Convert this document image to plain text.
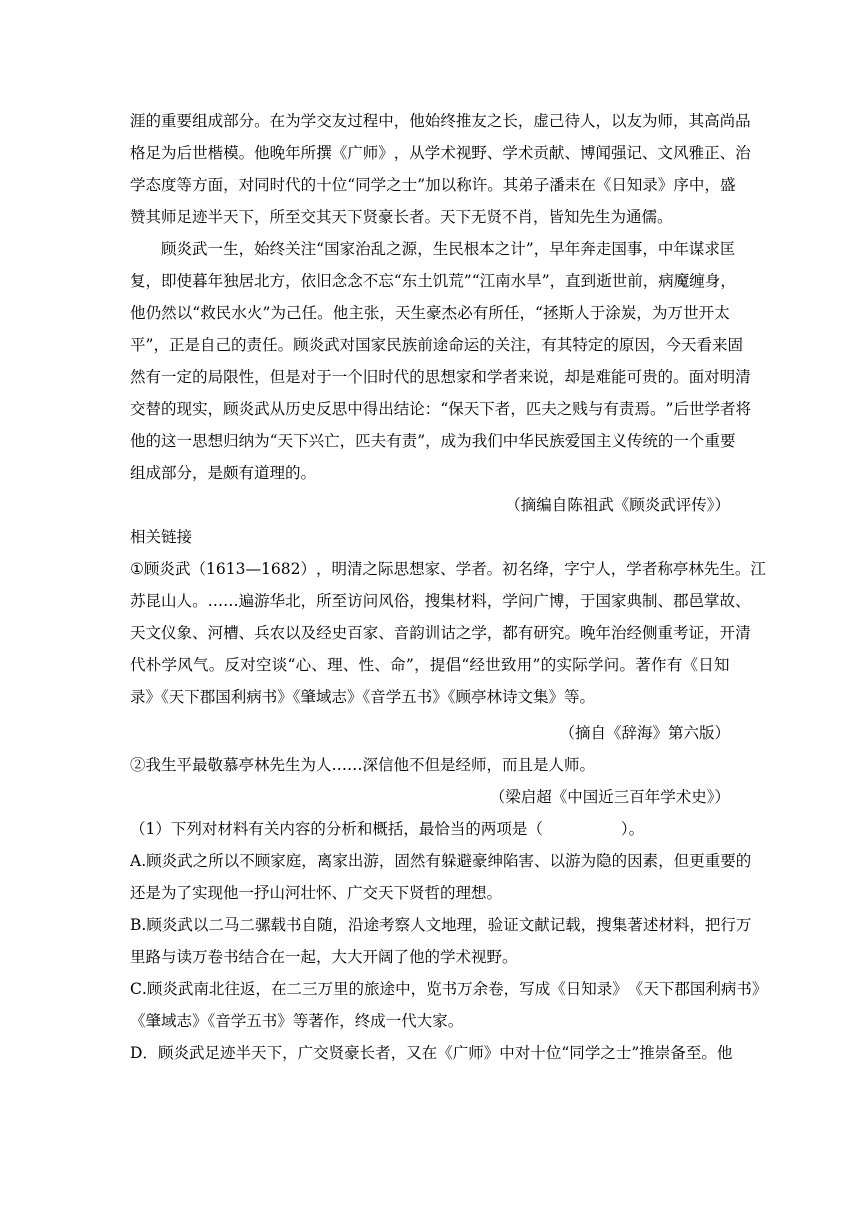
涯 的 重 要 组 成 部 分 。 在 为 学 交 友 过 程 中 ， 他 始 终 推 友 之 长 ， 虚 己 待 人 ， 以 友 为 师 ， 其 高 尚 品
格 足 为 后 世 楷 模 。 他 晚 年 所 撰 《 广 师 》 ， 从 学 术 视 野 、 学 术 贡 献 、 博 闻 强 记 、 文 风 雅 正 、 治
学 态 度 等 方 面 ， 对 同 时 代 的 十 位 “ 同 学 之 士 ” 加 以 称 许 。 其 弟 子 潘 耒 在 《 日 知 录 》 序 中 ， 盛
赞其师足迹半天下，所至交其天下贤豪长者。天下无贤不肖，皆知先生为通儒。
顾 炎 武 一 生 ， 始 终 关 注 “ 国 家 治 乱 之 源 ， 生 民 根 本 之 计 ” ， 早 年 奔 走 国 事 ， 中 年 谋 求 匡
复 ， 即 使 暮 年 独 居 北 方 ， 依 旧 念 念 不 忘 “ 东 土 饥 荒 ” “ 江 南 水 旱 ” ， 直 到 逝 世 前 ， 病 魔 缠 身 ，
他 仍 然 以 “ 救 民 水 火 ” 为 己 任 。 他 主 张 ， 天 生 豪 杰 必 有 所 任 ， “ 拯 斯 人 于 涂 炭 ， 为 万 世 开 太
平 ” ， 正 是 自 己 的 责 任 。 顾 炎 武 对 国 家 民 族 前 途 命 运 的 关 注 ， 有 其 特 定 的 原 因 ， 今 天 看 来 固
然 有 一 定 的 局 限 性 ， 但 是 对 于 一 个 旧 时 代 的 思 想 家 和 学 者 来 说 ， 却 是 难 能 可 贵 的 。 面 对 明 清
交 替 的 现 实 ， 顾 炎 武 从 历 史 反 思 中 得 出 结 论 ： “ 保 天 下 者 ， 匹 夫 之 贱 与 有 责 焉 。 ” 后 世 学 者 将
他 的 这 一 思 想 归 纳 为 “ 天 下 兴 亡 ， 匹 夫 有 责 ” ， 成 为 我 们 中 华 民 族 爱 国 主 义 传 统 的 一 个 重 要
组成部分，是颇有道理的。
（摘编自陈祖武《顾炎武评传》）
相关链接
① 顾 炎 武 （ 1 6 1 3 — 1 6 8 2 ） ， 明 清 之 际 思 想 家 、 学 者 。 初 名 绛 ， 字 宁 人 ， 学 者 称 亭 林 先 生 。 江
苏 昆 山 人 。 … … 遍 游 华 北 ， 所 至 访 问 风 俗 ， 搜 集 材 料 ， 学 问 广 博 ， 于 国 家 典 制 、 郡 邑 掌 故 、
天 文 仪 象 、 河 槽 、 兵 农 以 及 经 史 百 家 、 音 韵 训 诂 之 学 ， 都 有 研 究 。 晚 年 治 经 侧 重 考 证 ， 开 清
代 朴 学 风 气 。 反 对 空 谈 “ 心 、 理 、 性 、 命 ” ， 提 倡 “ 经 世 致 用 ” 的 实 际 学 问 。 著 作 有 《 日 知
录》《天下郡国利病书》《肇域志》《音学五书》《顾亭林诗文集》等。
（摘自《辞海》第六版）
②我生平最敬慕亭林先生为人……深信他不但是经师，而且是人师。
（梁启超《中国近三百年学术史》）
（1）下列对材料有关内容的分析和概括，最恰当的两项是（	）。
A . 顾 炎 武 之 所 以 不 顾 家 庭 ， 离 家 出 游 ， 固 然 有 躲 避 豪 绅 陷 害 、 以 游 为 隐 的 因 素 ， 但 更 重 要 的
还是为了实现他一抒山河壮怀、广交天下贤哲的理想。
B . 顾 炎 武 以 二 马 二 骡 载 书 自 随 ， 沿 途 考 察 人 文 地 理 ， 验 证 文 献 记 载 ， 搜 集 著 述 材 料 ， 把 行 万
里路与读万卷书结合在一起，大大开阔了他的学术视野。
C . 顾 炎 武 南 北 往 返 ， 在 二 三 万 里 的 旅 途 中 ， 览 书 万 余 卷 ， 写 成 《 日 知 录 》 《 天 下 郡 国 利 病 书 》
《肇域志》《音学五书》等著作，终成一代大家。
D ． 顾 炎 武 足 迹 半 天 下 ， 广 交 贤 豪 长 者 ， 又 在 《 广 师 》 中 对 十 位 “ 同 学 之 士 ” 推 崇 备 至 。 他
